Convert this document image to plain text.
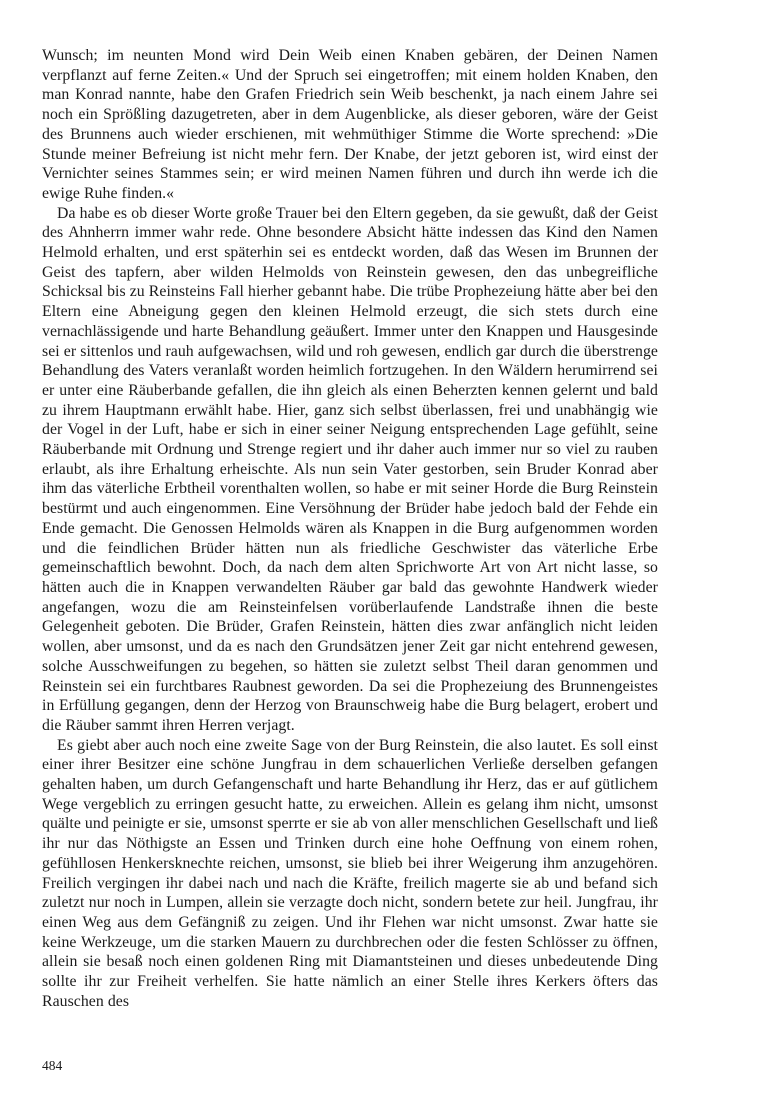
Wunsch; im neunten Mond wird Dein Weib einen Knaben gebären, der Deinen Namen verpflanzt auf ferne Zeiten.« Und der Spruch sei eingetroffen; mit einem holden Knaben, den man Konrad nannte, habe den Grafen Friedrich sein Weib beschenkt, ja nach einem Jahre sei noch ein Sprößling dazugetreten, aber in dem Augenblicke, als dieser geboren, wäre der Geist des Brunnens auch wieder erschienen, mit wehmüthiger Stimme die Worte sprechend: »Die Stunde meiner Befreiung ist nicht mehr fern. Der Knabe, der jetzt geboren ist, wird einst der Vernichter seines Stammes sein; er wird meinen Namen führen und durch ihn werde ich die ewige Ruhe finden.«

Da habe es ob dieser Worte große Trauer bei den Eltern gegeben, da sie gewußt, daß der Geist des Ahnherrn immer wahr rede. Ohne besondere Absicht hätte indessen das Kind den Namen Helmold erhalten, und erst späterhin sei es entdeckt worden, daß das Wesen im Brunnen der Geist des tapfern, aber wilden Helmolds von Reinstein gewesen, den das unbegreifliche Schicksal bis zu Reinsteins Fall hierher gebannt habe. Die trübe Prophezeiung hätte aber bei den Eltern eine Abneigung gegen den kleinen Helmold erzeugt, die sich stets durch eine vernachlässigende und harte Behandlung geäußert. Immer unter den Knappen und Hausgesinde sei er sittenlos und rauh aufgewachsen, wild und roh gewesen, endlich gar durch die überstrenge Behandlung des Vaters veranlaßt worden heimlich fortzugehen. In den Wäldern herumirrend sei er unter eine Räuberbande gefallen, die ihn gleich als einen Beherzten kennen gelernt und bald zu ihrem Hauptmann erwählt habe. Hier, ganz sich selbst überlassen, frei und unabhängig wie der Vogel in der Luft, habe er sich in einer seiner Neigung entsprechenden Lage gefühlt, seine Räuberbande mit Ordnung und Strenge regiert und ihr daher auch immer nur so viel zu rauben erlaubt, als ihre Erhaltung erheischte. Als nun sein Vater gestorben, sein Bruder Konrad aber ihm das väterliche Erbtheil vorenthalten wollen, so habe er mit seiner Horde die Burg Reinstein bestürmt und auch eingenommen. Eine Versöhnung der Brüder habe jedoch bald der Fehde ein Ende gemacht. Die Genossen Helmolds wären als Knappen in die Burg aufgenommen worden und die feindlichen Brüder hätten nun als friedliche Geschwister das väterliche Erbe gemeinschaftlich bewohnt. Doch, da nach dem alten Sprichworte Art von Art nicht lasse, so hätten auch die in Knappen verwandelten Räuber gar bald das gewohnte Handwerk wieder angefangen, wozu die am Reinsteinfelsen vorüberlaufende Landstraße ihnen die beste Gelegenheit geboten. Die Brüder, Grafen Reinstein, hätten dies zwar anfänglich nicht leiden wollen, aber umsonst, und da es nach den Grundsätzen jener Zeit gar nicht entehrend gewesen, solche Ausschweifungen zu begehen, so hätten sie zuletzt selbst Theil daran genommen und Reinstein sei ein furchtbares Raubnest geworden. Da sei die Prophezeiung des Brunnengeistes in Erfüllung gegangen, denn der Herzog von Braunschweig habe die Burg belagert, erobert und die Räuber sammt ihren Herren verjagt.

Es giebt aber auch noch eine zweite Sage von der Burg Reinstein, die also lautet. Es soll einst einer ihrer Besitzer eine schöne Jungfrau in dem schauerlichen Verließe derselben gefangen gehalten haben, um durch Gefangenschaft und harte Behandlung ihr Herz, das er auf gütlichem Wege vergeblich zu erringen gesucht hatte, zu erweichen. Allein es gelang ihm nicht, umsonst quälte und peinigte er sie, umsonst sperrte er sie ab von aller menschlichen Gesellschaft und ließ ihr nur das Nöthigste an Essen und Trinken durch eine hohe Oeffnung von einem rohen, gefühllosen Henkersknechte reichen, umsonst, sie blieb bei ihrer Weigerung ihm anzugehören. Freilich vergingen ihr dabei nach und nach die Kräfte, freilich magerte sie ab und befand sich zuletzt nur noch in Lumpen, allein sie verzagte doch nicht, sondern betete zur heil. Jungfrau, ihr einen Weg aus dem Gefängniß zu zeigen. Und ihr Flehen war nicht umsonst. Zwar hatte sie keine Werkzeuge, um die starken Mauern zu durchbrechen oder die festen Schlösser zu öffnen, allein sie besaß noch einen goldenen Ring mit Diamantsteinen und dieses unbedeutende Ding sollte ihr zur Freiheit verhelfen. Sie hatte nämlich an einer Stelle ihres Kerkers öfters das Rauschen des

484
